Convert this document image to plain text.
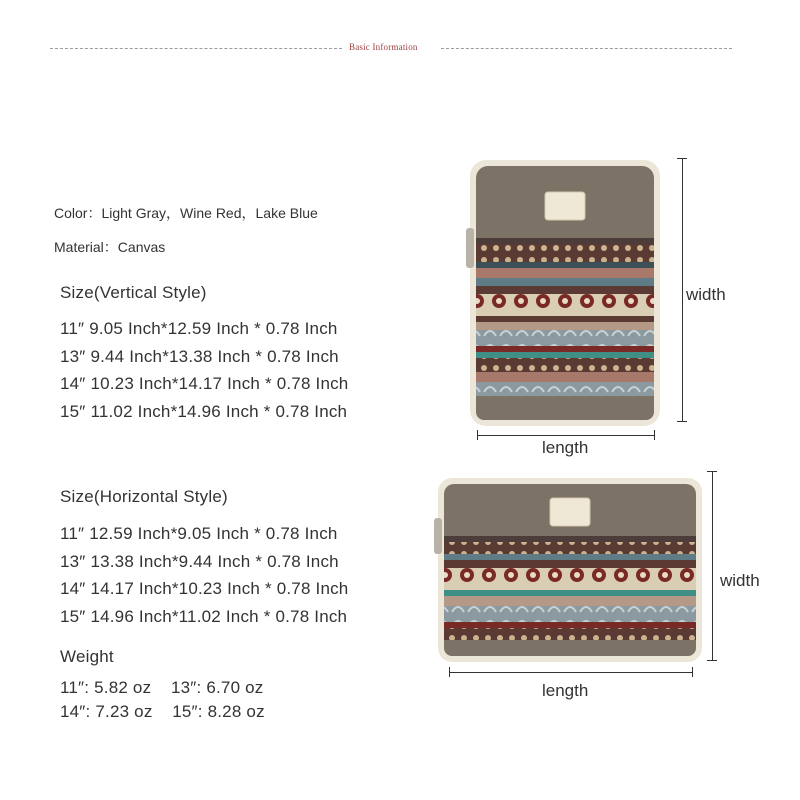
Basic Information
Color：Light Gray，Wine Red，Lake Blue
Material：Canvas
Size(Vertical Style)
11″ 9.05 Inch*12.59 Inch * 0.78 Inch
13″ 9.44 Inch*13.38 Inch * 0.78 Inch
14″ 10.23 Inch*14.17 Inch * 0.78 Inch
15″ 11.02 Inch*14.96 Inch * 0.78 Inch
Size(Horizontal Style)
11″ 12.59 Inch*9.05 Inch * 0.78 Inch
13″ 13.38 Inch*9.44 Inch * 0.78 Inch
14″ 14.17 Inch*10.23 Inch * 0.78 Inch
15″ 14.96 Inch*11.02 Inch * 0.78 Inch
Weight
11″: 5.82 oz    13″: 6.70 oz
14″: 7.23 oz    15″: 8.28 oz
width
length
width
length
